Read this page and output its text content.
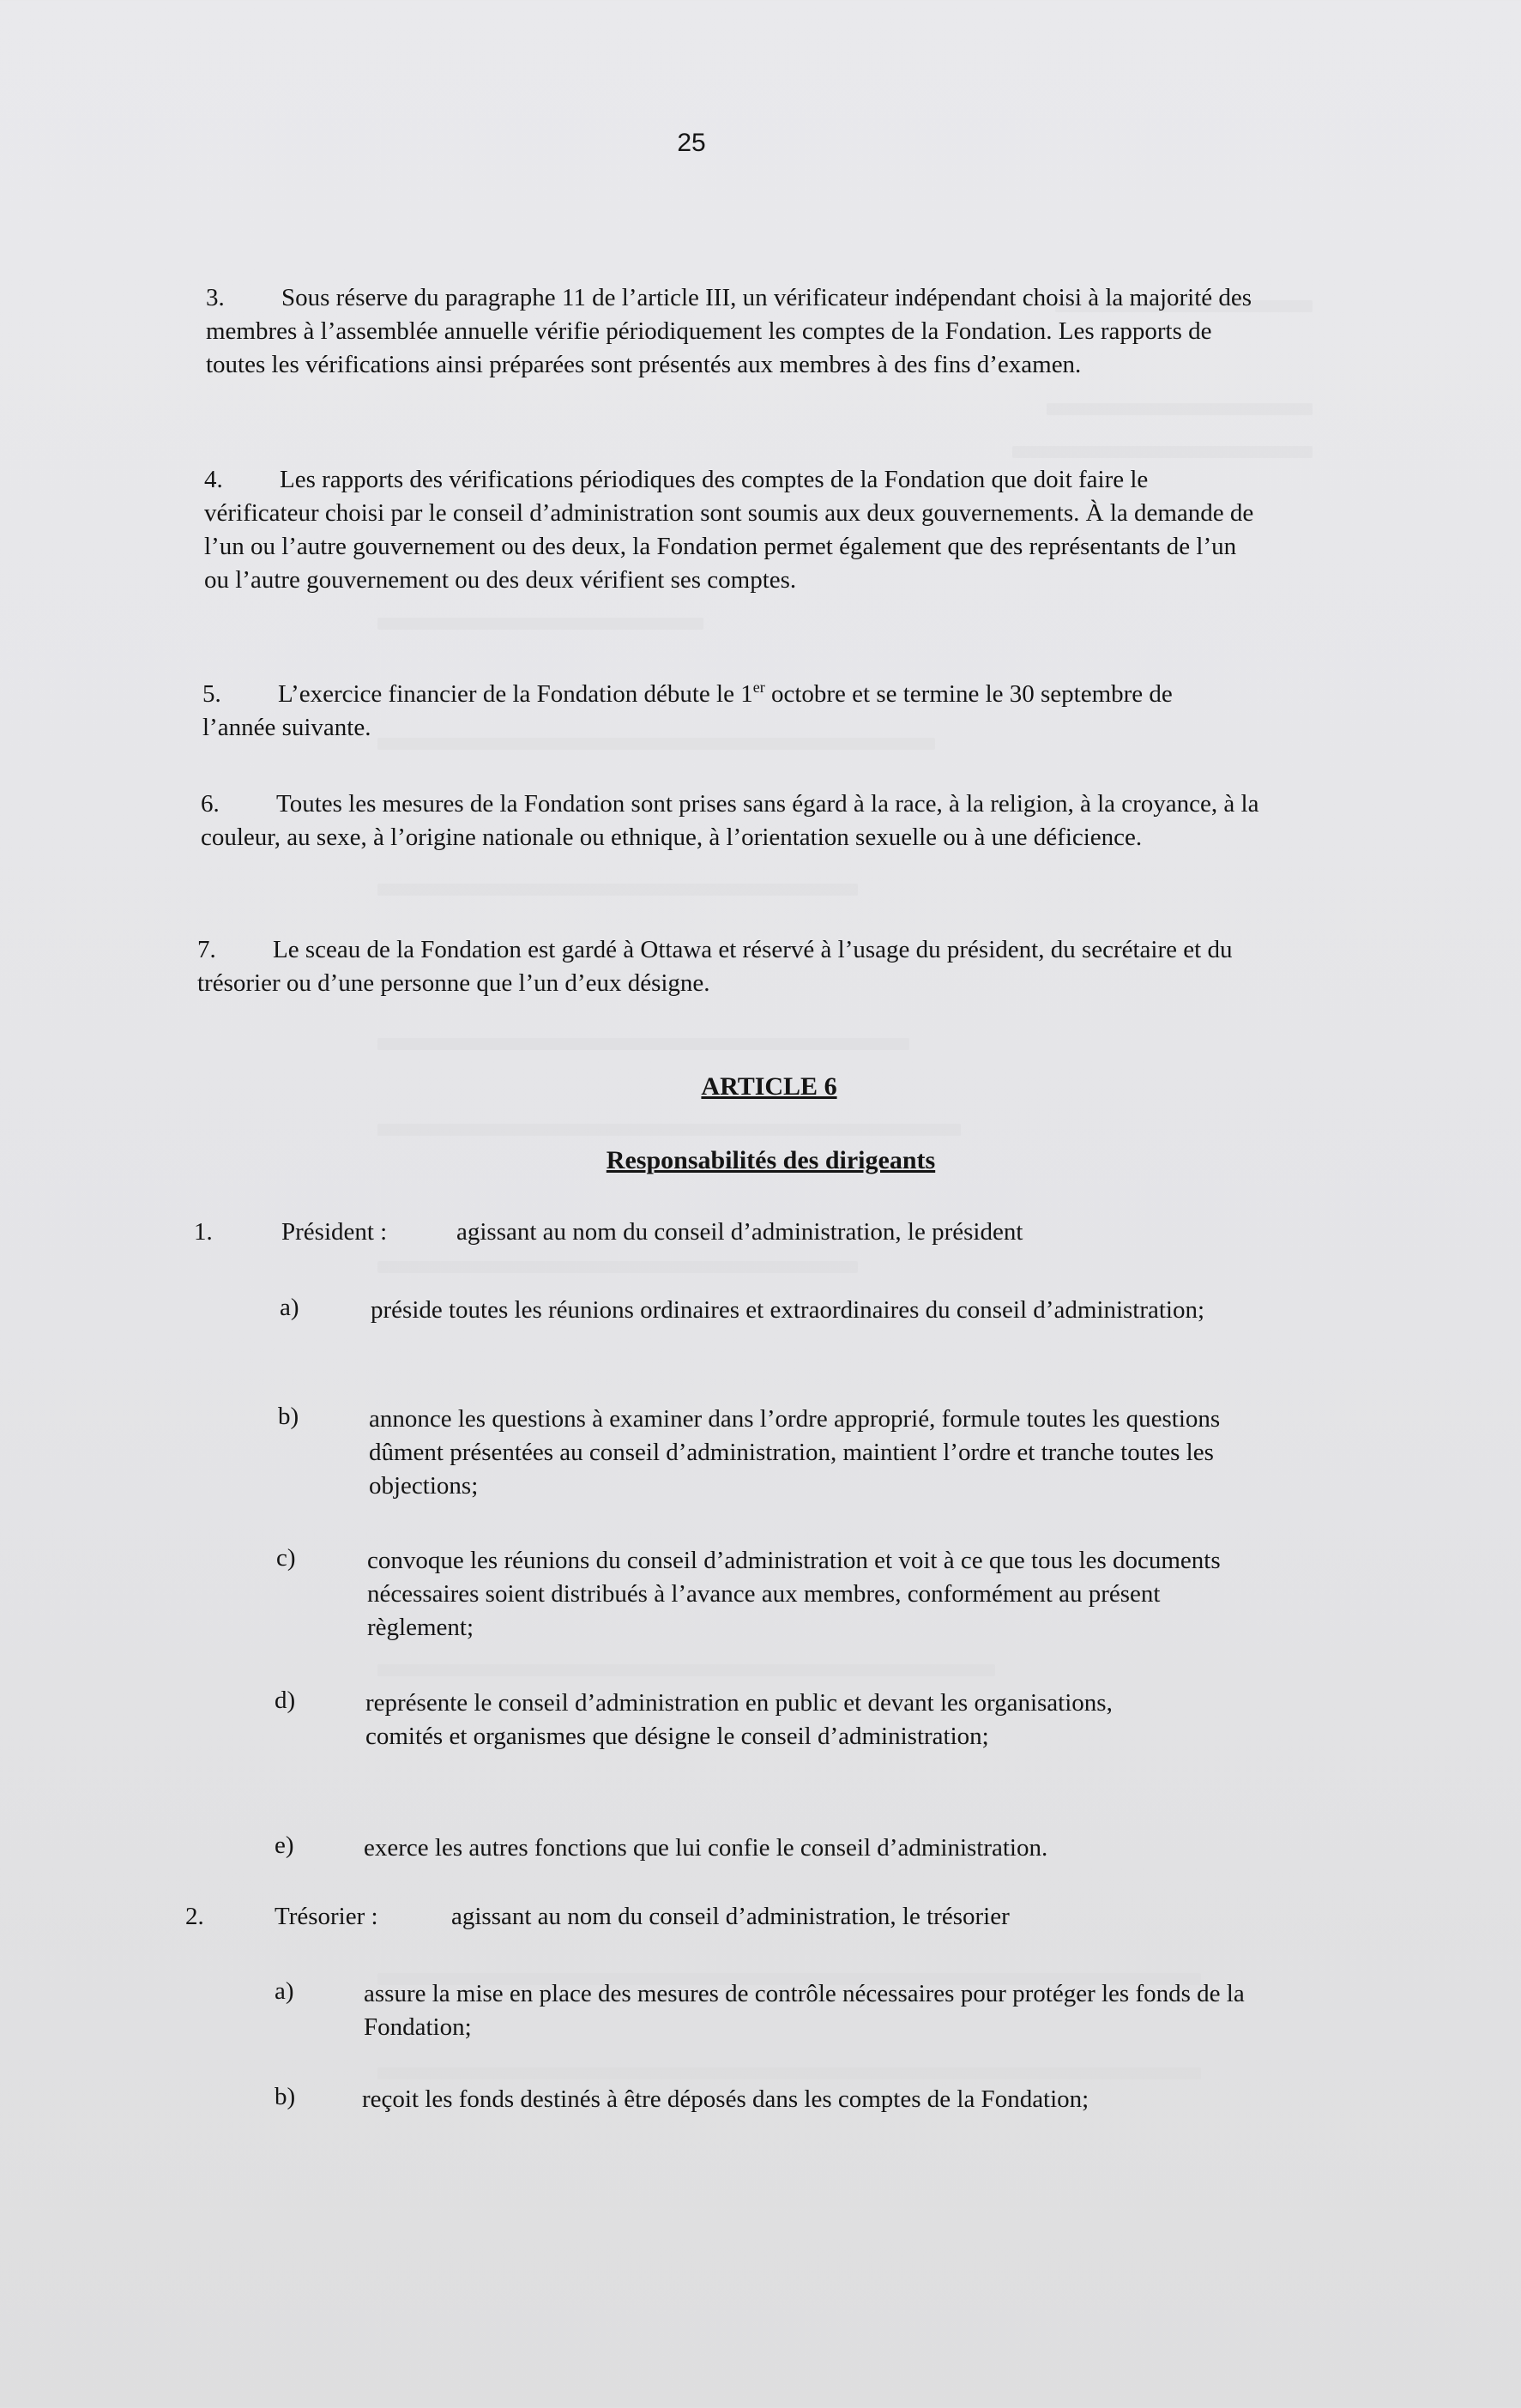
25
3. Sous réserve du paragraphe 11 de l’article III, un vérificateur indépendant choisi à la majorité des membres à l’assemblée annuelle vérifie périodiquement les comptes de la Fondation. Les rapports de toutes les vérifications ainsi préparées sont présentés aux membres à des fins d’examen.
4. Les rapports des vérifications périodiques des comptes de la Fondation que doit faire le vérificateur choisi par le conseil d’administration sont soumis aux deux gouvernements. À la demande de l’un ou l’autre gouvernement ou des deux, la Fondation permet également que des représentants de l’un ou l’autre gouvernement ou des deux vérifient ses comptes.
5. L’exercice financier de la Fondation débute le 1er octobre et se termine le 30 septembre de l’année suivante.
6. Toutes les mesures de la Fondation sont prises sans égard à la race, à la religion, à la croyance, à la couleur, au sexe, à l’origine nationale ou ethnique, à l’orientation sexuelle ou à une déficience.
7. Le sceau de la Fondation est gardé à Ottawa et réservé à l’usage du président, du secrétaire et du trésorier ou d’une personne que l’un d’eux désigne.
ARTICLE 6
Responsabilités des dirigeants
1.	Président :	agissant au nom du conseil d’administration, le président
a)	préside toutes les réunions ordinaires et extraordinaires du conseil d’administration;
b)	annonce les questions à examiner dans l’ordre approprié, formule toutes les questions dûment présentées au conseil d’administration, maintient l’ordre et tranche toutes les objections;
c)	convoque les réunions du conseil d’administration et voit à ce que tous les documents nécessaires soient distribués à l’avance aux membres, conformément au présent règlement;
d)	représente le conseil d’administration en public et devant les organisations, comités et organismes que désigne le conseil d’administration;
e)	exerce les autres fonctions que lui confie le conseil d’administration.
2.	Trésorier :	agissant au nom du conseil d’administration, le trésorier
a)	assure la mise en place des mesures de contrôle nécessaires pour protéger les fonds de la Fondation;
b)	reçoit les fonds destinés à être déposés dans les comptes de la Fondation;
